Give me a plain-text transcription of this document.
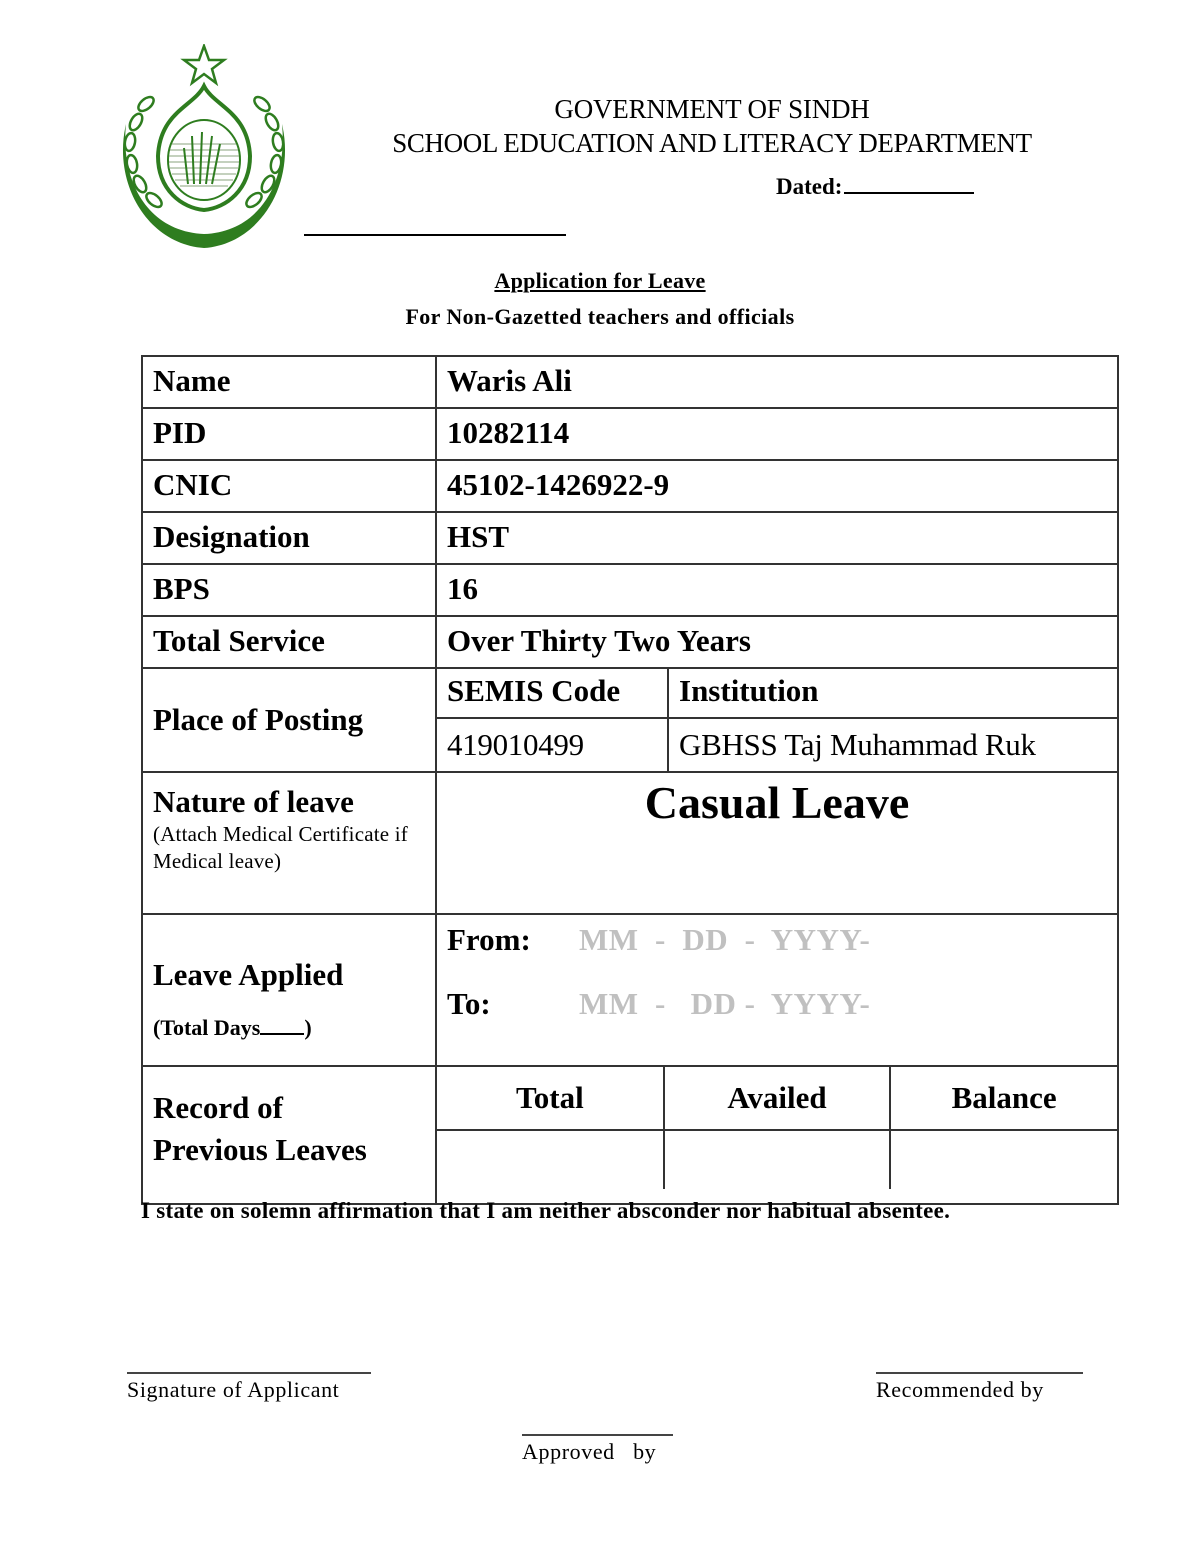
GOVERNMENT OF SINDH
SCHOOL EDUCATION AND LITERACY DEPARTMENT
Dated:
Application for Leave
For Non-Gazetted teachers and officials
Name	Waris Ali
PID	10282114
CNIC	45102-1426922-9
Designation	HST
BPS	16
Total Service	Over Thirty Two Years
Place of Posting	
SEMIS Code	Institution
419010499	GBHSS Taj Muhammad Ruk

Nature of leave
(Attach Medical Certificate if Medical leave)
	Casual Leave

Leave Applied
(Total Days )

From: MM  -  DD  -  YYYY-
To:	MM  -   DD -  YYYY-

Record of
Previous Leaves

Total	Availed	Balance

I state on solemn affirmation that I am neither absconder nor habitual absentee.
Signature of Applicant	Recommended by
Approved   by
